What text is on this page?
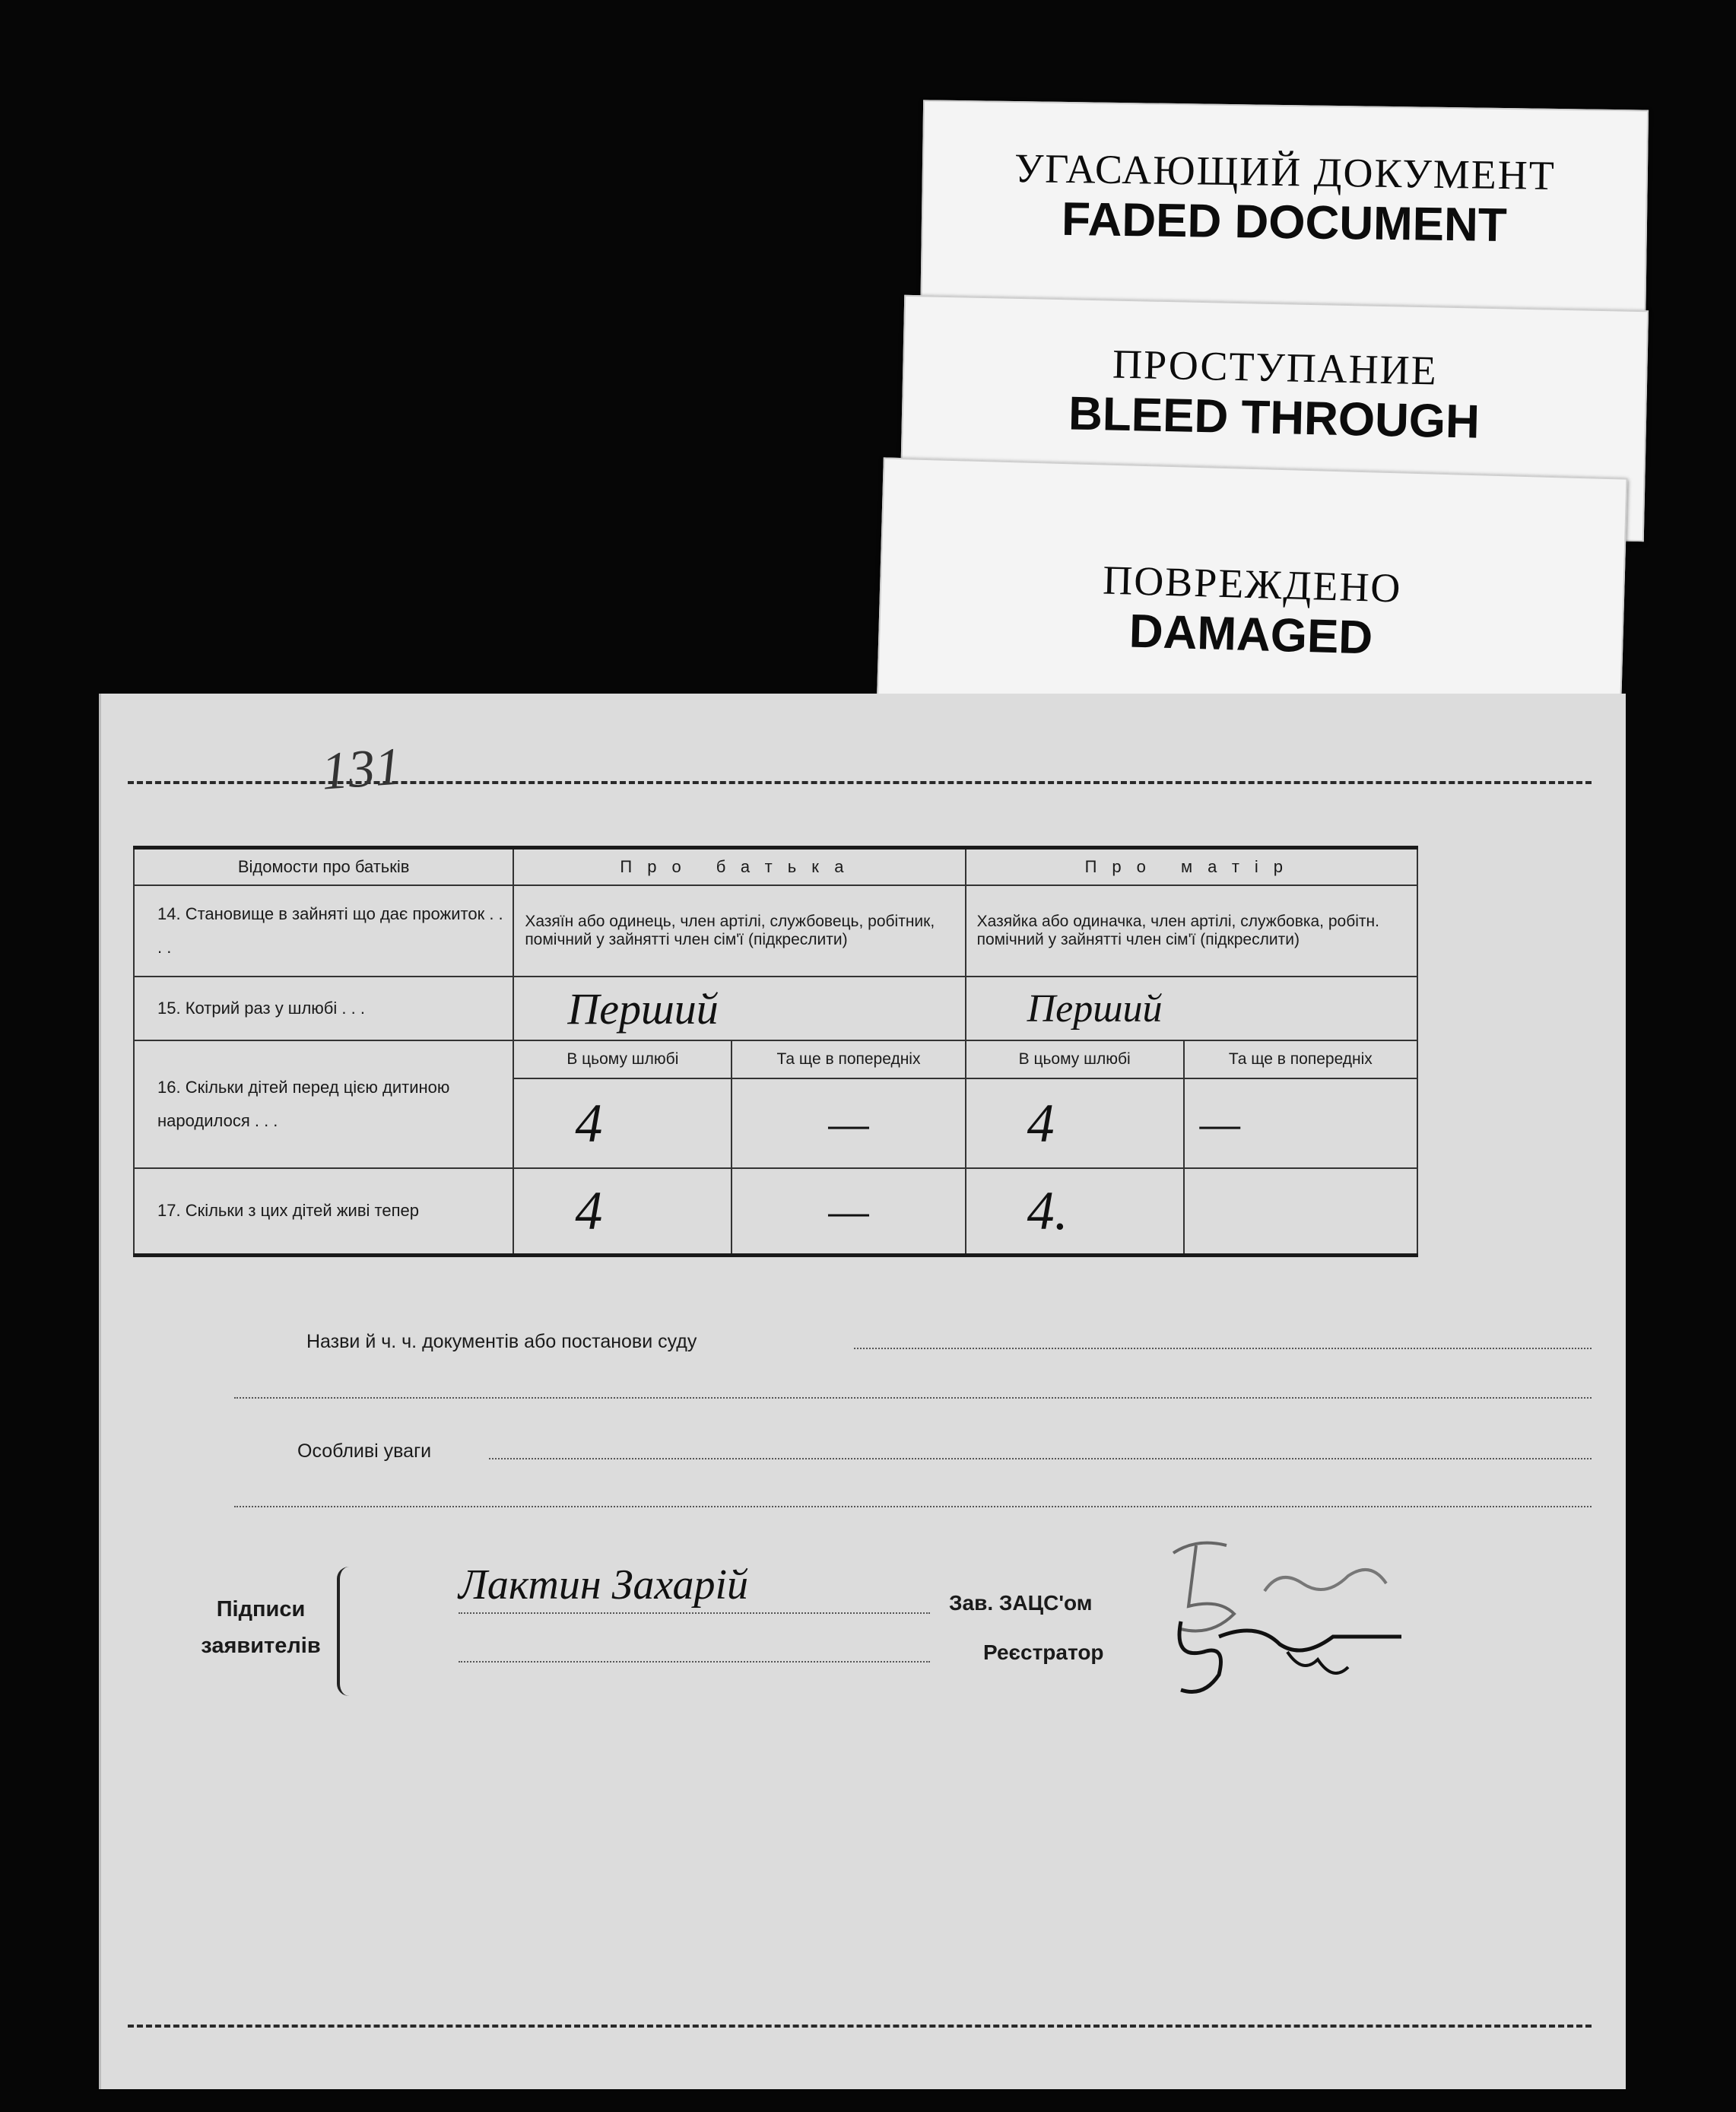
УГАСАЮЩИЙ ДОКУМЕНТ
FADED DOCUMENT
ПРОСТУПАНИЕ
BLEED THROUGH
ПОВРЕЖДЕНО
DAMAGED
131
Відомости про батьків	Про батька		Про матір	
14. Становище в зайняті що дає прожиток . . . .	Хазяїн або одинець, член артілі, службовець, робітник, помічний у зайнятті член сім'ї (підкреслити)		Хазяйка або одиначка, член артілі, службовка, робітн. помічний у зайнятті член сім'ї (підкреслити)	
15. Котрий раз у шлюбі . . .	Перший		Перший	
16. Скільки дітей перед цією дитиною народилося . . .	В цьому шлюбі	Та ще в попередніх	В цьому шлюбі	Та ще в попередніх
	4	—	4	—
17. Скільки з цих дітей живі тепер	4	—	4.	
Назви й ч. ч. документів або постанови суду
Особливі уваги
Підписи заявителів
Лактин Захарій	Зав. ЗАЦС'ом
Реєстратор
